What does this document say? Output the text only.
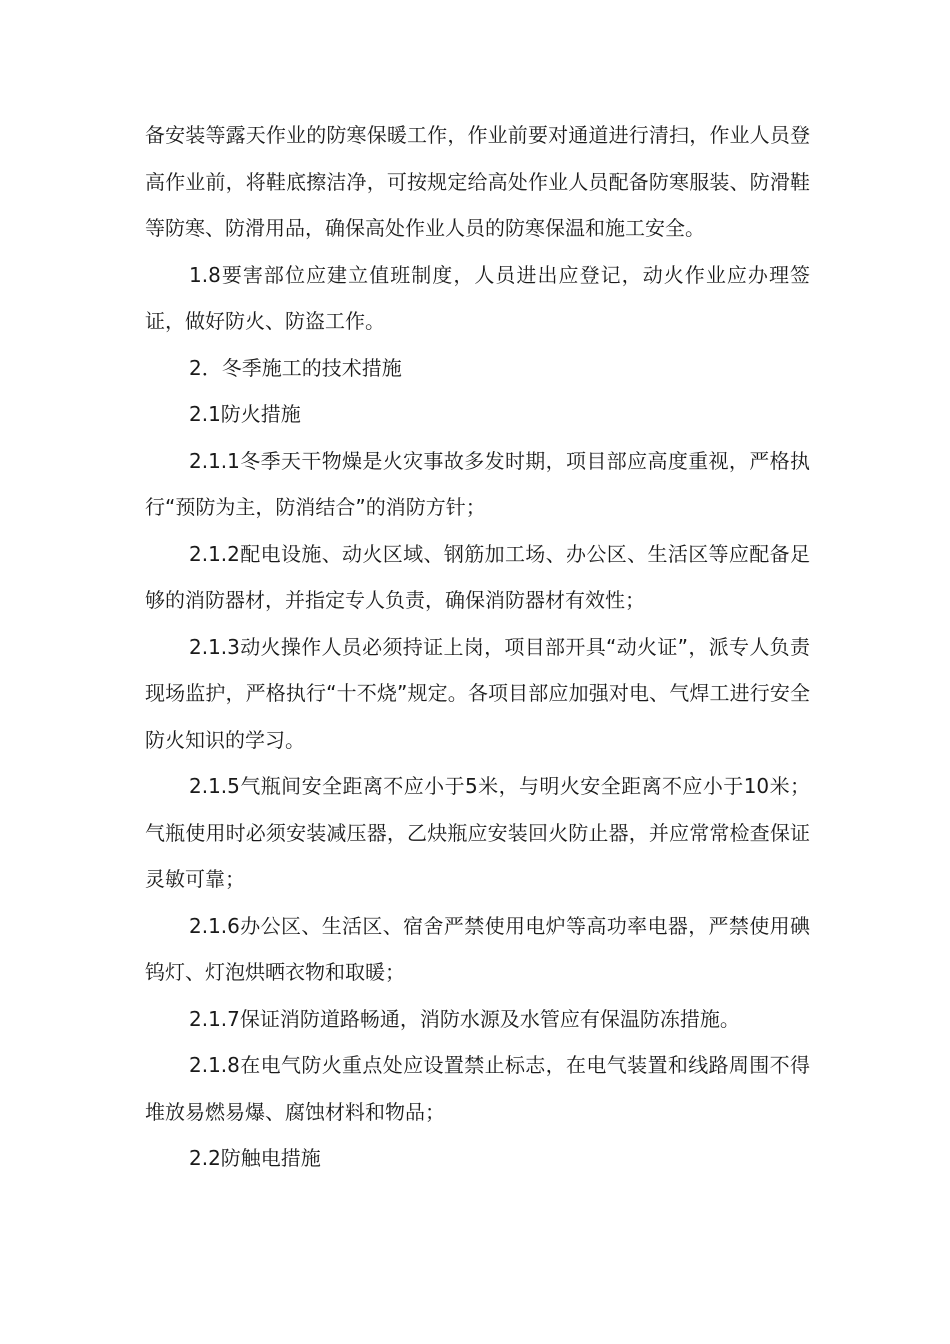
备安装等露天作业的防寒保暖工作，作业前要对通道进行清扫，作业人员登高作业前，将鞋底擦洁净，可按规定给高处作业人员配备防寒服装、防滑鞋等防寒、防滑用品，确保高处作业人员的防寒保温和施工安全。

1.8要害部位应建立值班制度，人员进出应登记，动火作业应办理签证，做好防火、防盗工作。

2．冬季施工的技术措施

2.1防火措施

2.1.1冬季天干物燥是火灾事故多发时期，项目部应高度重视，严格执行“预防为主，防消结合”的消防方针；

2.1.2配电设施、动火区域、钢筋加工场、办公区、生活区等应配备足够的消防器材，并指定专人负责，确保消防器材有效性；

2.1.3动火操作人员必须持证上岗，项目部开具“动火证”，派专人负责现场监护，严格执行“十不烧”规定。各项目部应加强对电、气焊工进行安全防火知识的学习。

2.1.5气瓶间安全距离不应小于5米，与明火安全距离不应小于10米；气瓶使用时必须安装减压器，乙炔瓶应安装回火防止器，并应常常检查保证灵敏可靠；

2.1.6办公区、生活区、宿舍严禁使用电炉等高功率电器，严禁使用碘钨灯、灯泡烘晒衣物和取暖；

2.1.7保证消防道路畅通，消防水源及水管应有保温防冻措施。

2.1.8在电气防火重点处应设置禁止标志，在电气装置和线路周围不得堆放易燃易爆、腐蚀材料和物品；

2.2防触电措施
